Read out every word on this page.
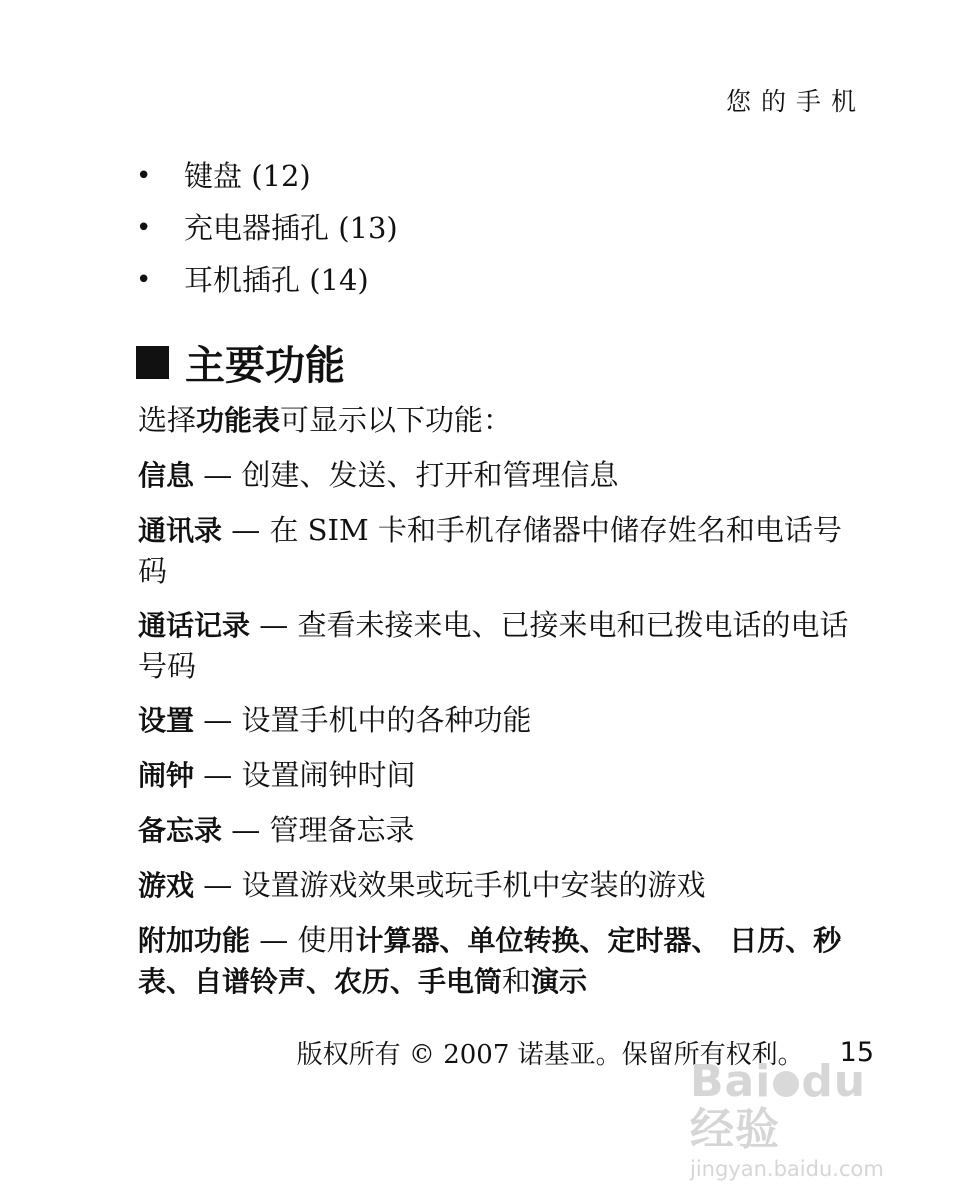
您的手机
•	键盘 (12)
•	充电器插孔 (13)
•	耳机插孔 (14)
主要功能

选择功能表可显示以下功能：

信息 — 创建、发送、打开和管理信息

通讯录 — 在 SIM 卡和手机存储器中储存姓名和电话号码

通话记录 — 查看未接来电、已接来电和已拨电话的电话号码

设置 — 设置手机中的各种功能

闹钟 — 设置闹钟时间

备忘录 — 管理备忘录

游戏 — 设置游戏效果或玩手机中安装的游戏

附加功能 — 使用计算器、单位转换、定时器、 日历、秒表、自谱铃声、农历、手电筒和演示

版权所有 © 2007 诺基亚。保留所有权利。 15
Bai du经验
jingyan.baidu.com
